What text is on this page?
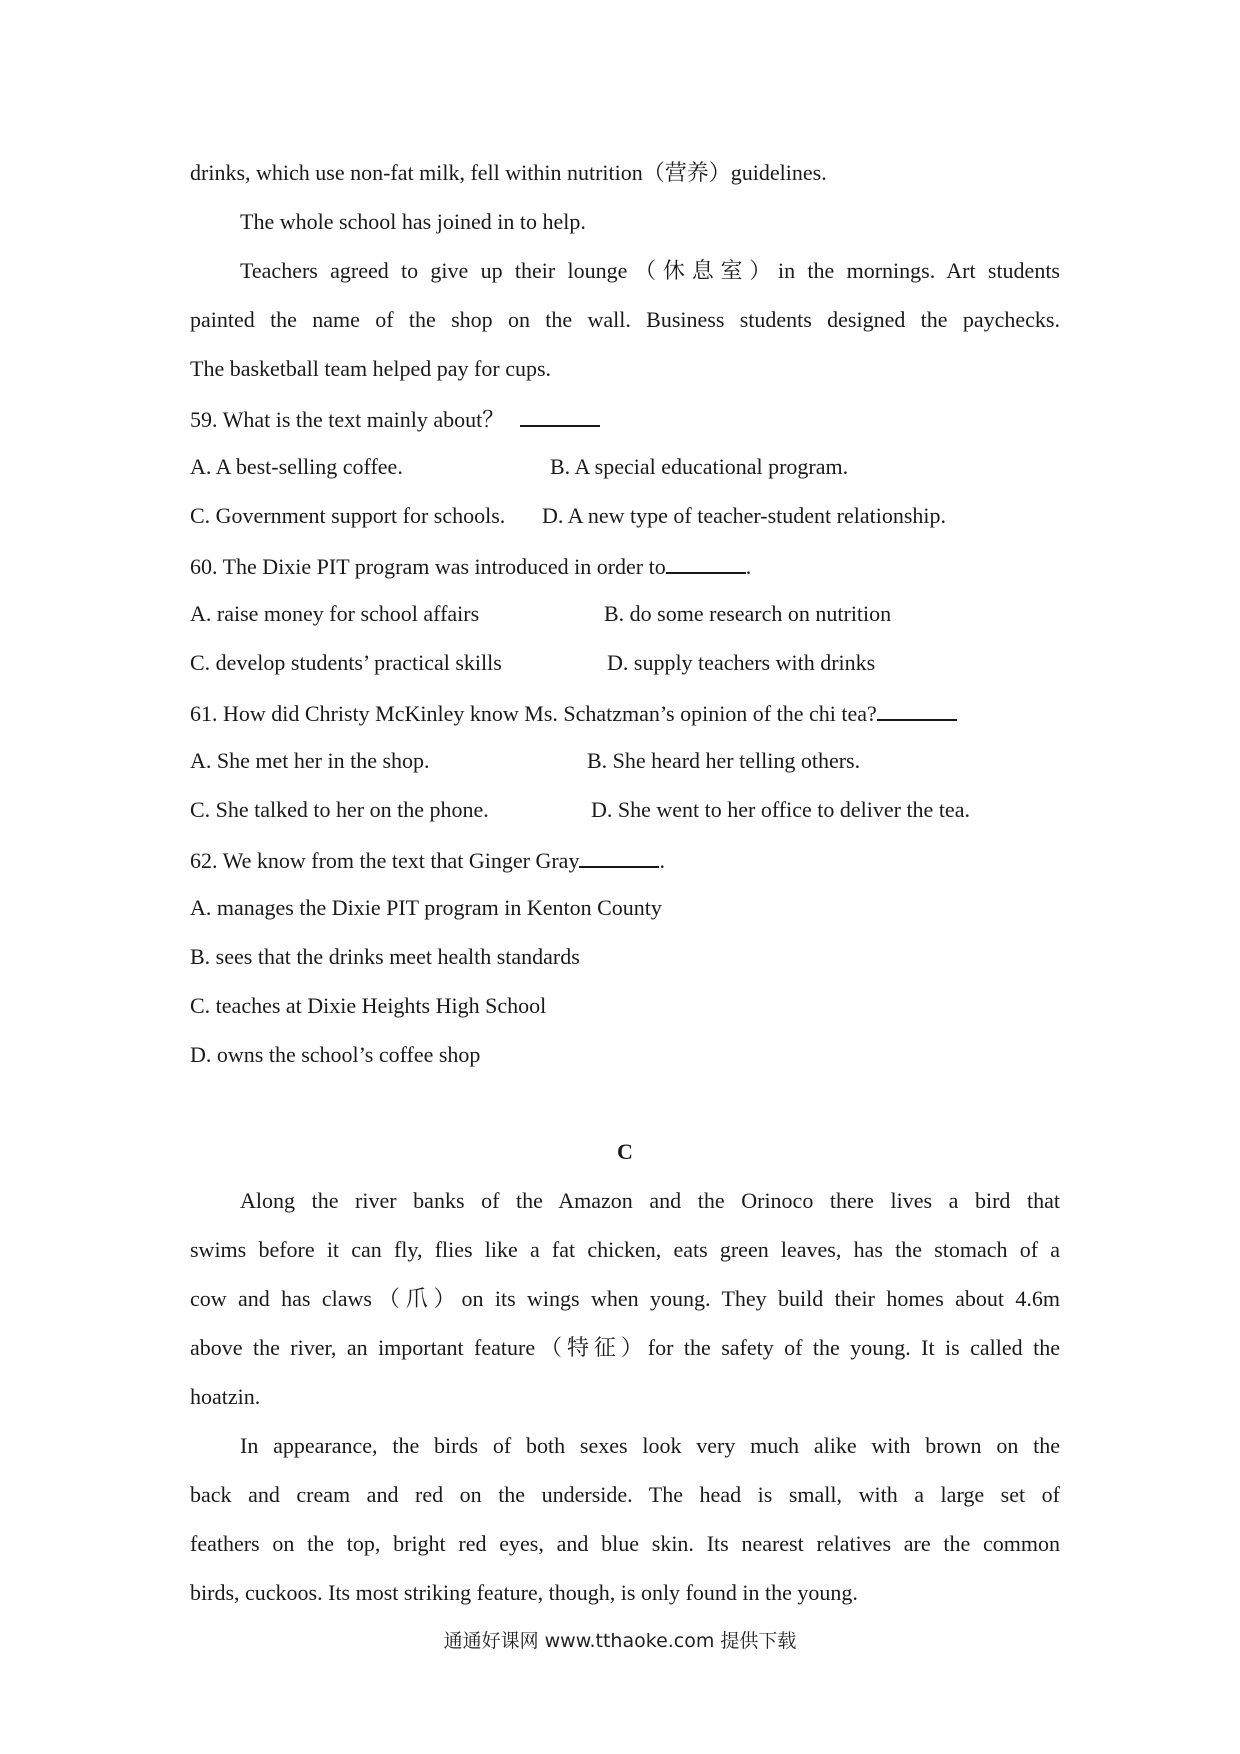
drinks, which use non-fat milk, fell within nutrition（营养）guidelines.
The whole school has joined in to help.
Teachers agreed to give up their lounge（休息室）in the mornings. Art students
painted the name of the shop on the wall. Business students designed the paychecks.
The basketball team helped pay for cups.
59. What is the text mainly about？
A. A best-selling coffee.	B. A special educational program.
C. Government support for schools.	D. A new type of teacher-student relationship.
60. The Dixie PIT program was introduced in order to	.
A. raise money for school affairs	B. do some research on nutrition
C. develop students’ practical skills	D. supply teachers with drinks
61. How did Christy McKinley know Ms. Schatzman’s opinion of the chi tea?
A. She met her in the shop.	B. She heard her telling others.
C. She talked to her on the phone.	D. She went to her office to deliver the tea.
62. We know from the text that Ginger Gray	.
A. manages the Dixie PIT program in Kenton County
B. sees that the drinks meet health standards
C. teaches at Dixie Heights High School
D. owns the school’s coffee shop
C
Along the river banks of the Amazon and the Orinoco there lives a bird that
swims before it can fly, flies like a fat chicken, eats green leaves, has the stomach of a
cow and has claws（爪）on its wings when young. They build their homes about 4.6m
above the river, an important feature（特征）for the safety of the young. It is called the
hoatzin.
In appearance, the birds of both sexes look very much alike with brown on the
back and cream and red on the underside. The head is small, with a large set of
feathers on the top, bright red eyes, and blue skin. Its nearest relatives are the common
birds, cuckoos. Its most striking feature, though, is only found in the young.
通通好课网 www.tthaoke.com 提供下载
